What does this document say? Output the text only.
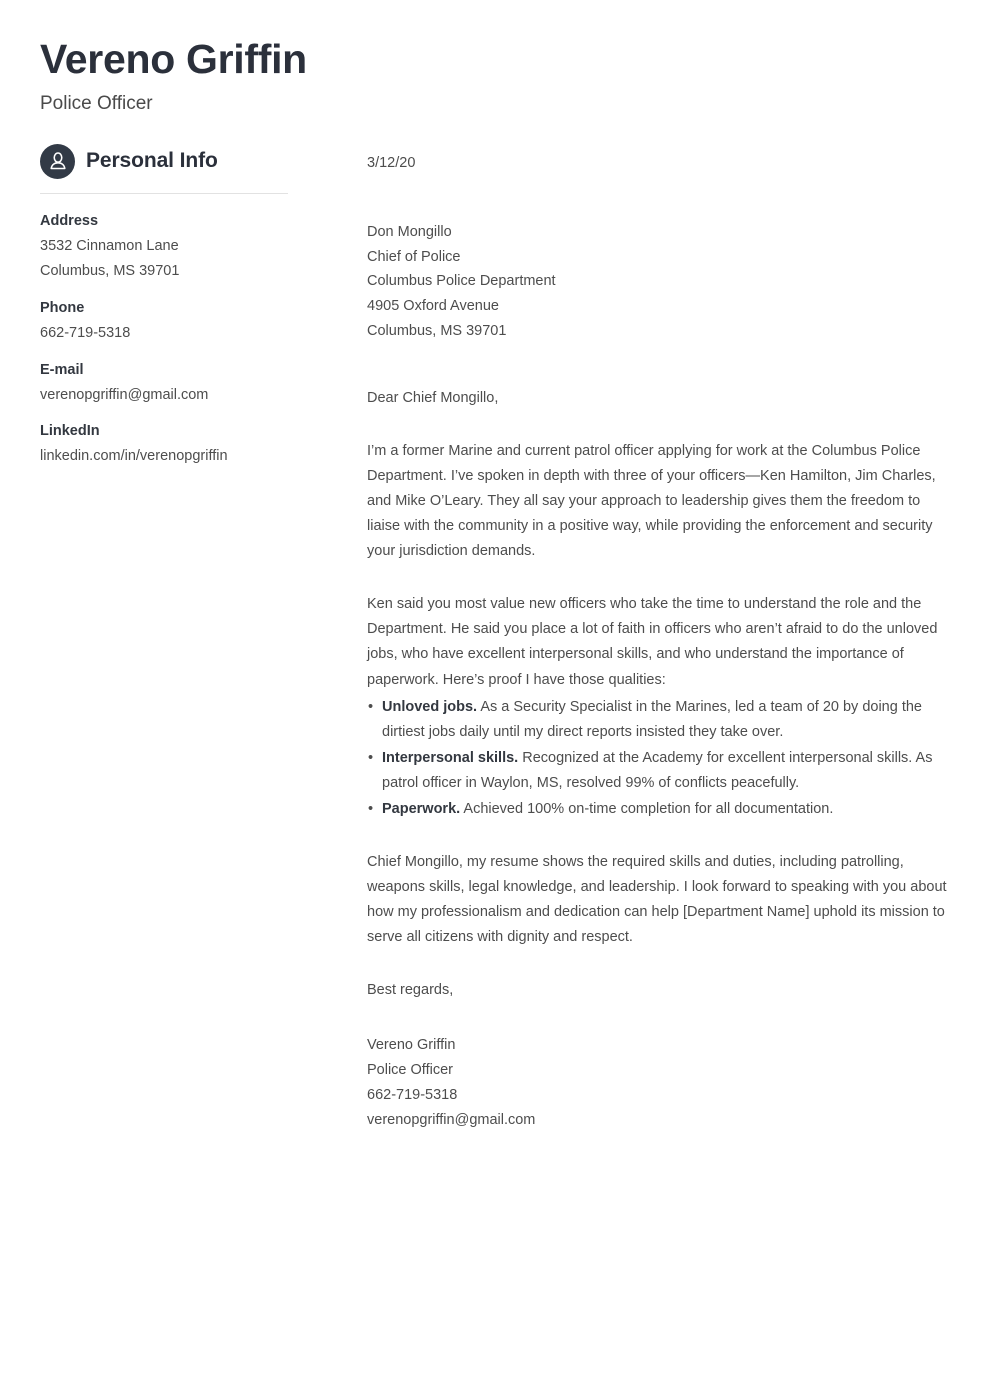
Vereno Griffin
Police Officer
Personal Info
Address
3532 Cinnamon Lane
Columbus, MS 39701
Phone
662-719-5318
E-mail
verenopgriffin@gmail.com
LinkedIn
linkedin.com/in/verenopgriffin
3/12/20
Don Mongillo
Chief of Police
Columbus Police Department
4905 Oxford Avenue
Columbus, MS 39701
Dear Chief Mongillo,

I’m a former Marine and current patrol officer applying for work at the Columbus Police Department. I’ve spoken in depth with three of your officers—Ken Hamilton, Jim Charles, and Mike O’Leary. They all say your approach to leadership gives them the freedom to liaise with the community in a positive way, while providing the enforcement and security your jurisdiction demands.

Ken said you most value new officers who take the time to understand the role and the Department. He said you place a lot of faith in officers who aren’t afraid to do the unloved jobs, who have excellent interpersonal skills, and who understand the importance of paperwork. Here’s proof I have those qualities:

• Unloved jobs. As a Security Specialist in the Marines, led a team of 20 by doing the dirtiest jobs daily until my direct reports insisted they take over.
• Interpersonal skills. Recognized at the Academy for excellent interpersonal skills. As patrol officer in Waylon, MS, resolved 99% of conflicts peacefully.
• Paperwork. Achieved 100% on-time completion for all documentation.

Chief Mongillo, my resume shows the required skills and duties, including patrolling, weapons skills, legal knowledge, and leadership. I look forward to speaking with you about how my professionalism and dedication can help [Department Name] uphold its mission to serve all citizens with dignity and respect.

Best regards,
Vereno Griffin
Police Officer
662-719-5318
verenopgriffin@gmail.com
